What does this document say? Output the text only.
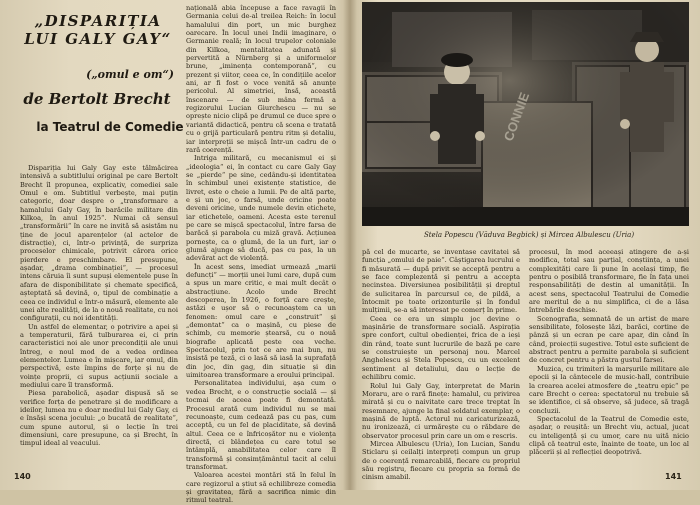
„DISPARIȚIA LUI GALY GAY“
(„omul e om“)
de Bertolt Brecht
la Teatrul de Comedie

Dispariția lui Galy Gay este tălmăcirea intensivă a subtitlului original pe care Bertolt Brecht îl propunea, explicativ, comediei sale Omul e om. Subtitlul verbește, mai puțin categoric, doar despre o „transformare a hamalului Galy Gay, în barăcile militare din Kilkoa, în anul 1925“. Numai că sensul „transformării“ în care ne invită să asistăm nu ține de jocul aparențelor (al actelor de distracție), ci, într-o privință, de surpriza proceselor chimicale, potrivit cărora orice pierdere e preschimbare. El presupune, așadar, „drama combinației“, — procesul intens căruia îi sunt supuși elementele puse în afara de disponibilitate și chemate specifică, așteptată să devină, o, tipul de combinație a ceea ce individul e într-o măsură, elemente ale unei alte realități, de la o nouă realitate, cu noi configurații, cu noi identități.

Un astfel de elementar, o potrivire a apei și a temperaturii, fără tulburarea ei, ci prin caracteristici noi ale unor precondiții ale unui întreg, e noul mod de a vedea ordinea elementelor. Lumea e în mișcare, iar omul, din perspectivă, este împins de forțe și nu de voințe proprii, ci supus acțiunii sociale a mediului care îl transformă.

Piesa parabolică, așadar dispusă să se verifice forța de penetrare și de modificare a ideilor, lumea nu e doar mediul lui Galy Gay, ci e însăși scena jocului: „o bucată de realitate“, cum spune autorul, și o lecție în trei dimensiuni, care presupune, ca și Brecht, în timpul ideal al veacului.

națională abia începuse a face ravagii în Germania celui de-al treilea Reich: în locul hamalului din port, un mic burghez oarecare. În locul unei Indii imaginare, o Germanie reală; în locul trupelor coloniale din Kilkoa, mentalitatea adunată și pervertită a Nürnberg și a uniformelor brune, „iminența contemporană“, cu prezent și viitor, ceea ce, în condițiile acelor ani, ar fi fost o voce venită să anunțe pericolul. Al simetriei, însă, această înscenare — de sub mâna fermă a regizorului Lucian Giurchescu — nu se oprește nicio clipă pe drumul ce duce spre o variantă didactică, pentru că scena e tratată cu o grijă particulară pentru ritm și detaliu, iar interpreții se mișcă într-un cadru de o rară coerență.

Intriga militară, cu mecanismul ei și „ideologia“ ei, în contact cu care Galy Gay se „pierde“ pe sine, cedându-și identitatea în schimbul unei existențe statistice, de livret, este o cheie a lumii. Pe de altă parte, e și un joc, o farsă, unde oricine poate deveni oricine, unde numele devin etichete, iar etichetele, oameni. Acesta este terenul pe care se mișcă spectacolul, între farsa de barăcă și parabola cu miză gravă. Acțiunea pornește, ca o glumă, de la un furt, iar o glumă ajunge să ducă, pas cu pas, la un adevărat act de violență.

În acest sens, imediat urmează „marii defuncți“ — morții unei lumi care, după cum a spus un mare critic, e mai mult decât o abstracțiune. Acolo unde Brecht descoperea, în 1926, o forță care crește, astăzi e ușor să o recunoaștem ca un fenomen: omul care e „construit“ și „demontat“ ca o mașină, cu piese de schimb, cu memorie ștearsă, cu o nouă biografie aplicată peste cea veche. Spectacolul, prin tot ce are mai bun, nu insistă pe teză, ci o lasă să iasă la suprafață din joc, din gag, din situație și din uimitoarea transformare a eroului principal.

Personalitatea individului, așa cum o vedea Brecht, e o construcție socială — și tocmai de aceea poate fi demontată. Procesul arată cum individul nu se mai recunoaște, cum cedează pas cu pas, cum acceptă, cu un fel de placiditate, să devină altul. Ceea ce e înfricoșător nu e violența directă, ci blândețea cu care totul se întâmplă, amabilitatea celor care îl transformă și consimțământul tacit al celui transformat.

Valoarea acestei montări stă în felul în care regizorul a știut să echilibreze comedia și gravitatea, fără a sacrifica nimic din ritmul teatral.

140

Stela Popescu (Văduva Begbick) și Mircea Albulescu (Uria)

pă cel de mucarte, se inventase cavitatei să funcția „omului de paie“. Câștigarea lucrului e fi măsurată — după privit se acceptă pentru a se face complezentă și pentru a accepta necinstea. Diversiunea posibilității și dreptul de sulicitarea în parcursul ce, de pildă, a întocmit pe toate orizonturile și în fondul mulțimii, se-a să interesat pe comerț în prime.

Ceea ce era un simplu joc devine o mașinărie de transformare socială. Aspirația spre confort, cultul obedienței, frica de a ieși din rând, toate sunt lucrurile de bază pe care se construiește un personaj nou. Marcel Anghelescu și Stela Popescu, cu un excelent sentiment al detaliului, dau o lecție de echilibru comic.

Rolul lui Galy Gay, interpretat de Marin Moraru, are o rară finețe: hamalul, cu privirea mirată și cu o naivitate care trece treptat în resemnare, ajunge la final soldatul exemplar, o mașină de luptă. Actorul nu caricaturizează, nu ironizează, ci urmărește cu o răbdare de observator procesul prin care un om e rescris.

Mircea Albulescu (Uria), Ion Lucian, Sandu Sticlaru și ceilalți interpreți compun un grup de o coerență remarcabilă, fiecare cu propriul său registru, fiecare cu propria sa formă de cinism amabil.

procesul, în mod aceeași atingere de a-și modifica, total sau parțial, conștiința, a unei complexități care îi pune în același timp, fie pentru o posibilă transformare, fie în fața unei responsabilități de destin al umanității. În acest sens, spectacolul Teatrului de Comedie are meritul de a nu simplifica, ci de a lăsa întrebările deschise.

Scenografia, semnată de un artist de mare sensibilitate, folosește lăzi, barăci, cortine de pânză și un ecran pe care apar, din când în când, proiecții sugestive. Totul este suficient de abstract pentru a permite parabola și suficient de concret pentru a păstra gustul farsei.

Muzica, cu trimiteri la marșurile militare ale epocii și la cântecele de music-hall, contribuie la crearea acelei atmosfere de „teatru epic“ pe care Brecht o cerea: spectatorul nu trebuie să se identifice, ci să observe, să judece, să tragă concluzii.

Spectacolul de la Teatrul de Comedie este, așadar, o reușită: un Brecht viu, actual, jucat cu inteligență și cu umor, care nu uită nicio clipă că teatrul este, înainte de toate, un loc al plăcerii și al reflecției deopotrivă.

141
